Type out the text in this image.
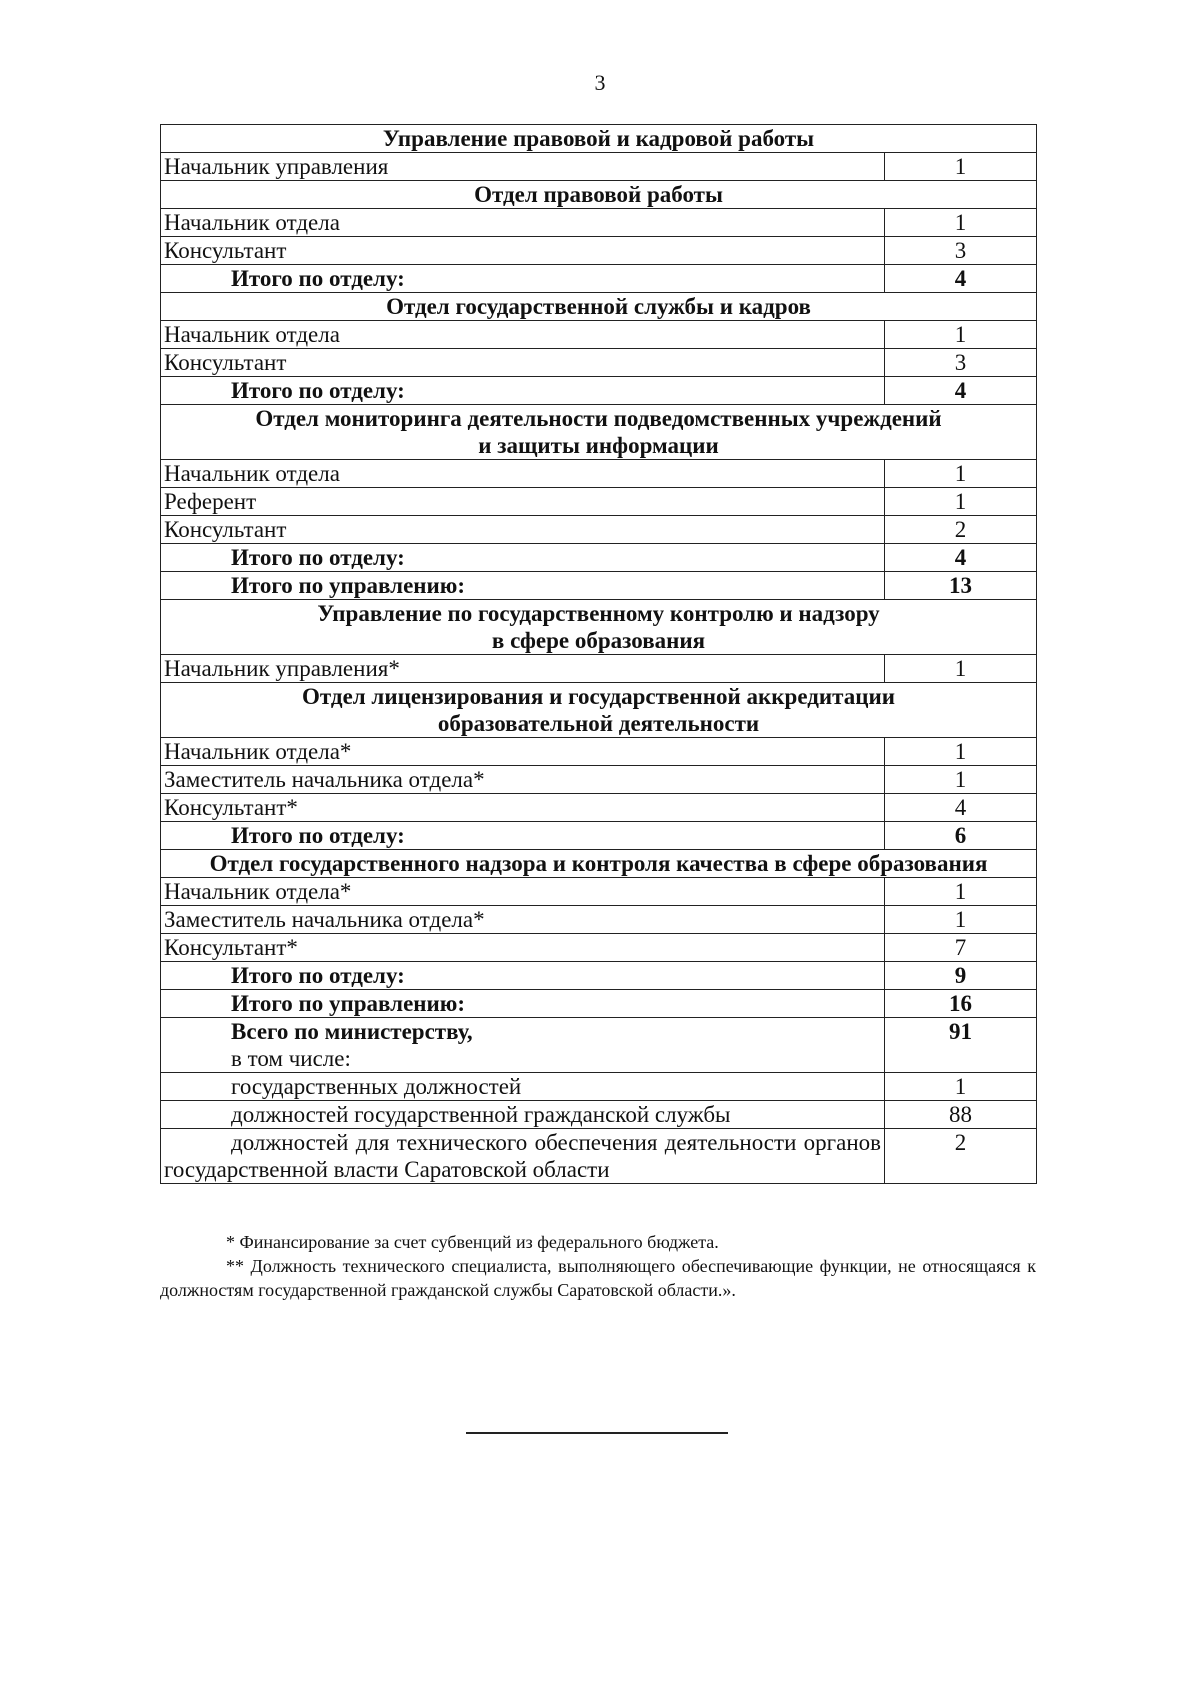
3
Управление правовой и кадровой работы	

Начальник управления	1

Отдел правовой работы	

Начальник отдела	1
Консультант	3
Итого по отделу:	4

Отдел государственной службы и кадров	

Начальник отдела	1
Консультант	3
Итого по отделу:	4

Отдел мониторинга деятельности подведомственных учреждений
и защиты информации	

Начальник отдела	1
Референт	1
Консультант	2
Итого по отделу:	4
Итого по управлению:	13

Управление по государственному контролю и надзору
в сфере образования	

Начальник управления*	1

Отдел лицензирования и государственной аккредитации
образовательной деятельности	

Начальник отдела*	1
Заместитель начальника отдела*	1
Консультант*	4
Итого по отделу:	6

Отдел государственного надзора и контроля качества в сфере образования	

Начальник отдела*	1
Заместитель начальника отдела*	1
Консультант*	7
Итого по отделу:	9
Итого по управлению:	16

Всего по министерству,
в том числе:	91
государственных должностей	1
должностей государственной гражданской службы	88
должностей для технического обеспечения деятельности органов государственной власти Саратовской области	2
* Финансирование за счет субвенций из федерального бюджета.
** Должность технического специалиста, выполняющего обеспечивающие функции, не относящаяся к должностям государственной гражданской службы Саратовской области.».
